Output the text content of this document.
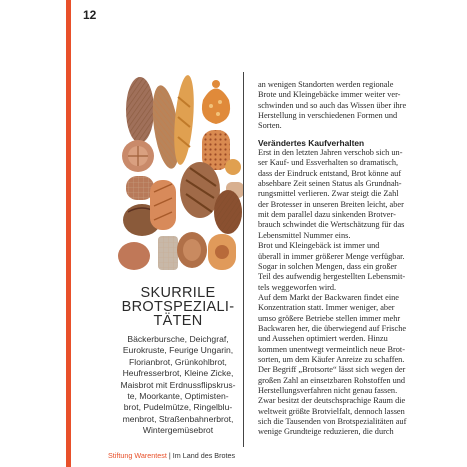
12
SKURRILE
BROTSPEZIALI-
TÄTEN
Bäckerbursche, Deichgraf,
Eurokruste, Feurige Ungarin,
Florianbrot, Grünkohlbrot,
Heufresserbrot, Kleine Zicke,
Maisbrot mit Erdnussflipskrus-
te, Moorkante, Optimisten-
brot, Pudelmütze, Ringelblu-
menbrot, Straßenbahnerbrot,
Wintergemüsebrot
an wenigen Standorten werden regionale
Brote und Kleingebäcke immer weiter ver-
schwinden und so auch das Wissen über ihre
Herstellung in verschiedenen Formen und
Sorten.
Verändertes Kaufverhalten
Erst in den letzten Jahren verschob sich un-
ser Kauf- und Essverhalten so dramatisch,
dass der Eindruck entstand, Brot könne auf
absehbare Zeit seinen Status als Grundnah-
rungsmittel verlieren. Zwar steigt die Zahl
der Brotesser in unseren Breiten leicht, aber
mit dem parallel dazu sinkenden Brotver-
brauch schwindet die Wertschätzung für das
Lebensmittel Nummer eins.
Brot und Kleingebäck ist immer und
überall in immer größerer Menge verfügbar.
Sogar in solchen Mengen, dass ein großer
Teil des aufwendig hergestellten Lebensmit-
tels weggeworfen wird.
Auf dem Markt der Backwaren findet eine
Konzentration statt. Immer weniger, aber
umso größere Betriebe stellen immer mehr
Backwaren her, die überwiegend auf Frische
und Aussehen optimiert werden. Hinzu
kommen unentwegt vermeintlich neue Brot-
sorten, um dem Käufer Anreize zu schaffen.
Der Begriff „Brotsorte“ lässt sich wegen der
großen Zahl an einsetzbaren Rohstoffen und
Herstellungsverfahren nicht genau fassen.
Zwar besitzt der deutschsprachige Raum die
weltweit größte Brotvielfalt, dennoch lassen
sich die Tausenden von Brotspezialitäten auf
wenige Grundteige reduzieren, die durch
Stiftung Warentest | Im Land des Brotes
